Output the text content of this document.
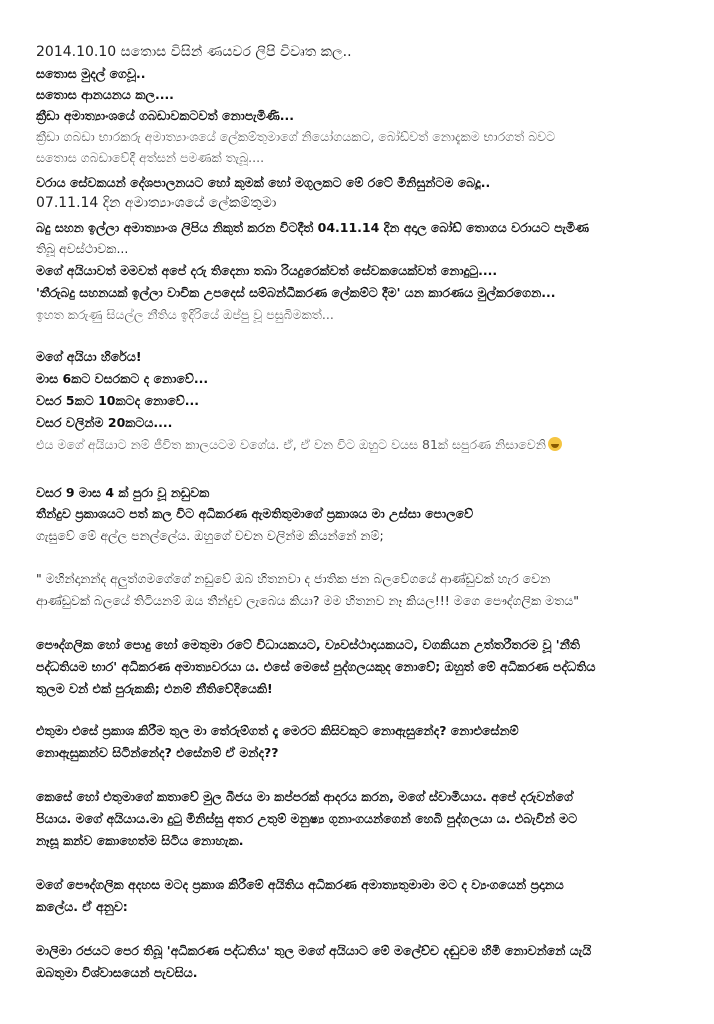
2014.10.10 සතොස විසින් ණයවර ලිපි විවෘත කල..

සතොස මුදල් ගෙවූ..

සතොස ආනයනය කල....

ක්‍රීඩා අමාත්‍යාංශයේ ගබඩාවකටවත් නොපැමිණි...

ක්‍රීඩා ගබඩා භාරකරු අමාත්‍යාංශයේ ලේකම්තුමාගේ නියෝගයකට, බෝඩ්වත් නොදැකම භාරගත් බවට

සතොස ගබඩාවේදී අත්සන් පමණක් තැබූ....

වරාය සේවකයන් දේශපාලනයට හෝ කුමක් හෝ මගුලකට මේ රටේ මිනිසුන්ටම බෙදූ..

07.11.14 දින අමාත්‍යාංශයේ ලේකම්තුමා

බදු සහන ඉල්ලා අමාත්‍යාංශ ලිපිය නිකුත් කරන විටදීත් 04.11.14 දින අදාල බෝඩ් තොගය වරායට පැමිණ

තිබූ අවස්ථාවක...

මගේ අයියාවත් මමවත් අපේ දරු තිදෙනා තබා රියදුරෙක්වත් සේවකයෙක්වත් නොදුටු....

'තීරුබදු සහනයක් ඉල්ලා වාචික උපදෙස් සම්බන්ධීකරණ ලේකම්ට දීම' යන කාරණය මුල්කරගෙන...

ඉහත කරුණු සියල්ල නීතිය ඉදිරියේ ඔප්පු වූ පසුබිමකත්...

මගේ අයියා හිරේය!

මාස 6කට වසරකට ද නොවේ...

වසර 5කට 10කටද නොවේ...

වසර වලින්ම 20කටය....

එය මගේ අයියාට නම් ජීවිත කාලයටම වගේය. ඒ, ඒ වන විට ඔහුට වයස 81ක් සපුරණ නිසාවෙනි

වසර 9 මාස 4 ක් පුරා වූ නඩුවක

තීන්දුව ප්‍රකාශයට පත් කල විට අධිකරණ ඇමතිතුමාගේ ප්‍රකාශය මා උස්සා පොලවේ

ගැසුවේ මේ අල්ල පනල්ලේය. ඔහුගේ වචන වලින්ම කියන්නේ නම්;

" මහින්දානන්ද අලුත්ගමගේගේ නඩුවේ ඔබ හිතනවා ද ජාතික ජන බලවේගයේ ආණ්ඩුවක් හැර වෙන

ආණ්ඩුවක් බලයේ තිටියනම් ඔය තීන්දුව ලැබෙය කියා? මම හිතනව නෑ කියල!!! මගෙ පෞද්ගලික මතය"

පෞද්ගලික හෝ පොදු හෝ මෙතුමා රටේ විධායකයට, ව්‍යවස්ථාදායකයට, වගකියන උත්තරීතරම වූ 'නීති

පද්ධතියම භාර' අධිකරණ අමාත්‍යවරයා ය. එසේ මෙසේ පුද්ගලයකුද නොවේ; ඔහුත් මේ අධිකරණ පද්ධතිය

තුලම වන් එක් පුරුකකි; එනම් නීතිවේදියෙකි!

එතුමා එසේ ප්‍රකාශ කිරීම තුල මා තේරුම්ගත් දෑ මෙරට කිසිවකුට නොඇසුනේද? නොඑසේනම්

නොඇසුකන්ව සිටින්නේද? එසේනම් ඒ මන්ද??

කෙසේ හෝ එතුමාගේ කතාවේ මුල බීජය මා කප්පරක් ආදරය කරන, මගේ ස්වාමියාය. අපේ දරුවන්ගේ

පියාය. මගේ අයියාය.මා දුටු මිනිස්සු අතර උතුම් මනුෂ්‍ය ගුනාංගයන්ගෙන් හෙබි පුද්ගලයා ය. එබැවින් මට

නෑසූ කන්ව කොහෙත්ම සිටිය නොහැක.

මගේ පෞද්ගලික අදහස මටද ප්‍රකාශ කිරීමේ අයිතිය අධිකරණ අමාත්‍යතුමාමා මට ද ව්‍යංගයෙන් ප්‍රදානය

කලේය. ඒ අනුව:

මාලිමා රජයට පෙර තිබූ 'අධිකරණ පද්ධතිය' තුල මගේ අයියාට මේ මලේච්ච දඬුවම හිමි නොවන්නේ යැයි

ඔබතුමා විශ්වාසයෙන් පැවසිය.
